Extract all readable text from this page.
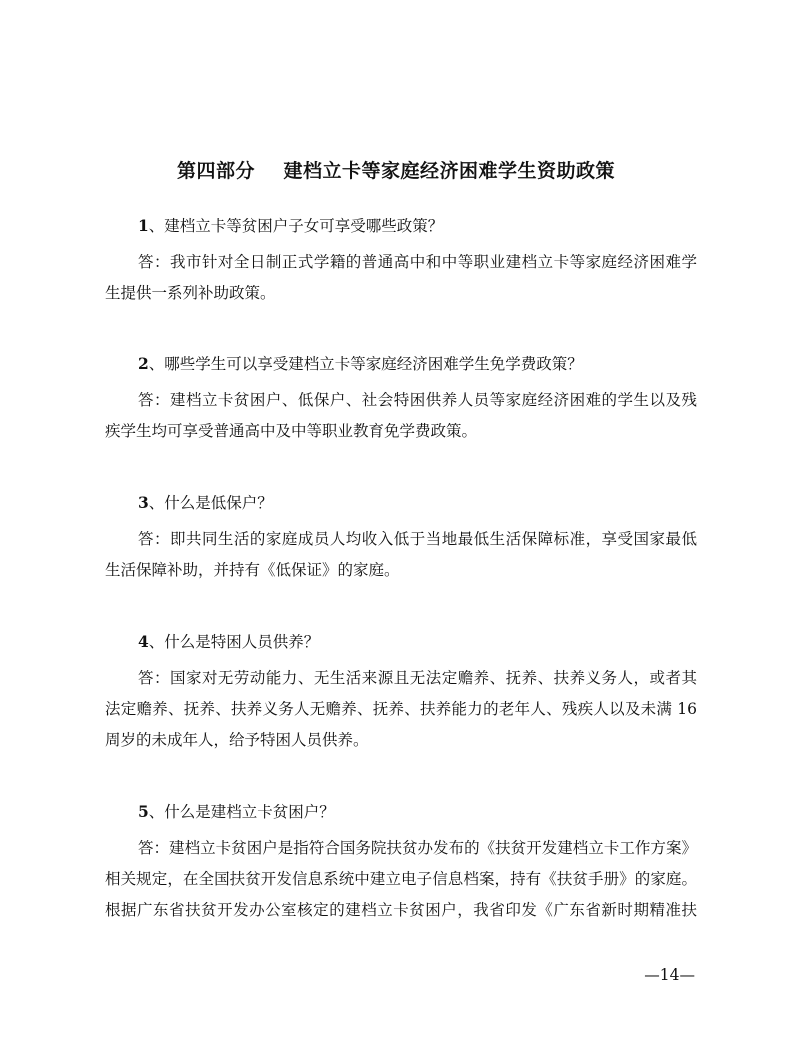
第四部分    建档立卡等家庭经济困难学生资助政策
1、建档立卡等贫困户子女可享受哪些政策？
答：我市针对全日制正式学籍的普通高中和中等职业建档立卡等家庭经济困难学
生提供一系列补助政策。
2、哪些学生可以享受建档立卡等家庭经济困难学生免学费政策？
答：建档立卡贫困户、低保户、社会特困供养人员等家庭经济困难的学生以及残
疾学生均可享受普通高中及中等职业教育免学费政策。
3、什么是低保户？
答：即共同生活的家庭成员人均收入低于当地最低生活保障标准，享受国家最低
生活保障补助，并持有《低保证》的家庭。
4、什么是特困人员供养？
答：国家对无劳动能力、无生活来源且无法定赡养、抚养、扶养义务人，或者其
法定赡养、抚养、扶养义务人无赡养、抚养、扶养能力的老年人、残疾人以及未满 16
周岁的未成年人，给予特困人员供养。
5、什么是建档立卡贫困户？
答：建档立卡贫困户是指符合国务院扶贫办发布的《扶贫开发建档立卡工作方案》
相关规定，在全国扶贫开发信息系统中建立电子信息档案，持有《扶贫手册》的家庭。
根据广东省扶贫开发办公室核定的建档立卡贫困户，我省印发《广东省新时期精准扶
—14—
